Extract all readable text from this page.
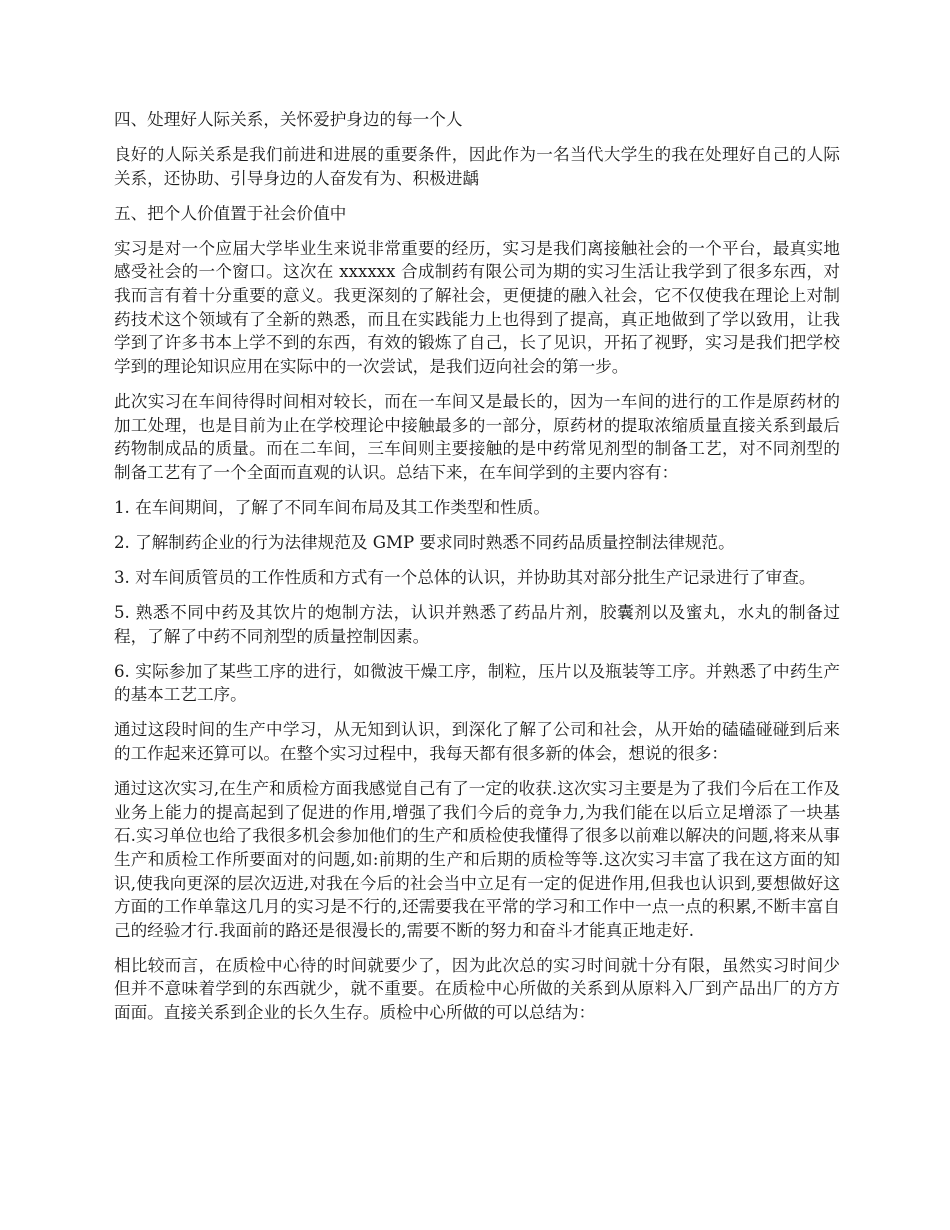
四、处理好人际关系，关怀爱护身边的每一个人

良好的人际关系是我们前进和进展的重要条件，因此作为一名当代大学生的我在处理好自己的人际关系，还协助、引导身边的人奋发有为、积极进龋

五、把个人价值置于社会价值中

实习是对一个应届大学毕业生来说非常重要的经历，实习是我们离接触社会的一个平台，最真实地感受社会的一个窗口。这次在 xxxxxx 合成制药有限公司为期的实习生活让我学到了很多东西，对我而言有着十分重要的意义。我更深刻的了解社会，更便捷的融入社会，它不仅使我在理论上对制药技术这个领域有了全新的熟悉，而且在实践能力上也得到了提高，真正地做到了学以致用，让我学到了许多书本上学不到的东西，有效的锻炼了自己，长了见识，开拓了视野，实习是我们把学校学到的理论知识应用在实际中的一次尝试，是我们迈向社会的第一步。

此次实习在车间待得时间相对较长，而在一车间又是最长的，因为一车间的进行的工作是原药材的加工处理，也是目前为止在学校理论中接触最多的一部分，原药材的提取浓缩质量直接关系到最后药物制成品的质量。而在二车间，三车间则主要接触的是中药常见剂型的制备工艺，对不同剂型的制备工艺有了一个全面而直观的认识。总结下来，在车间学到的主要内容有：

1. 在车间期间，了解了不同车间布局及其工作类型和性质。

2. 了解制药企业的行为法律规范及 GMP 要求同时熟悉不同药品质量控制法律规范。

3. 对车间质管员的工作性质和方式有一个总体的认识，并协助其对部分批生产记录进行了审查。

5. 熟悉不同中药及其饮片的炮制方法，认识并熟悉了药品片剂，胶囊剂以及蜜丸，水丸的制备过程，了解了中药不同剂型的质量控制因素。

6. 实际参加了某些工序的进行，如微波干燥工序，制粒，压片以及瓶装等工序。并熟悉了中药生产的基本工艺工序。

通过这段时间的生产中学习，从无知到认识，到深化了解了公司和社会，从开始的磕磕碰碰到后来的工作起来还算可以。在整个实习过程中，我每天都有很多新的体会，想说的很多：

通过这次实习,在生产和质检方面我感觉自己有了一定的收获.这次实习主要是为了我们今后在工作及业务上能力的提高起到了促进的作用,增强了我们今后的竞争力,为我们能在以后立足增添了一块基石.实习单位也给了我很多机会参加他们的生产和质检使我懂得了很多以前难以解决的问题,将来从事生产和质检工作所要面对的问题,如:前期的生产和后期的质检等等.这次实习丰富了我在这方面的知识,使我向更深的层次迈进,对我在今后的社会当中立足有一定的促进作用,但我也认识到,要想做好这方面的工作单靠这几月的实习是不行的,还需要我在平常的学习和工作中一点一点的积累,不断丰富自己的经验才行.我面前的路还是很漫长的,需要不断的努力和奋斗才能真正地走好.

相比较而言，在质检中心待的时间就要少了，因为此次总的实习时间就十分有限，虽然实习时间少但并不意味着学到的东西就少，就不重要。在质检中心所做的关系到从原料入厂到产品出厂的方方面面。直接关系到企业的长久生存。质检中心所做的可以总结为：
